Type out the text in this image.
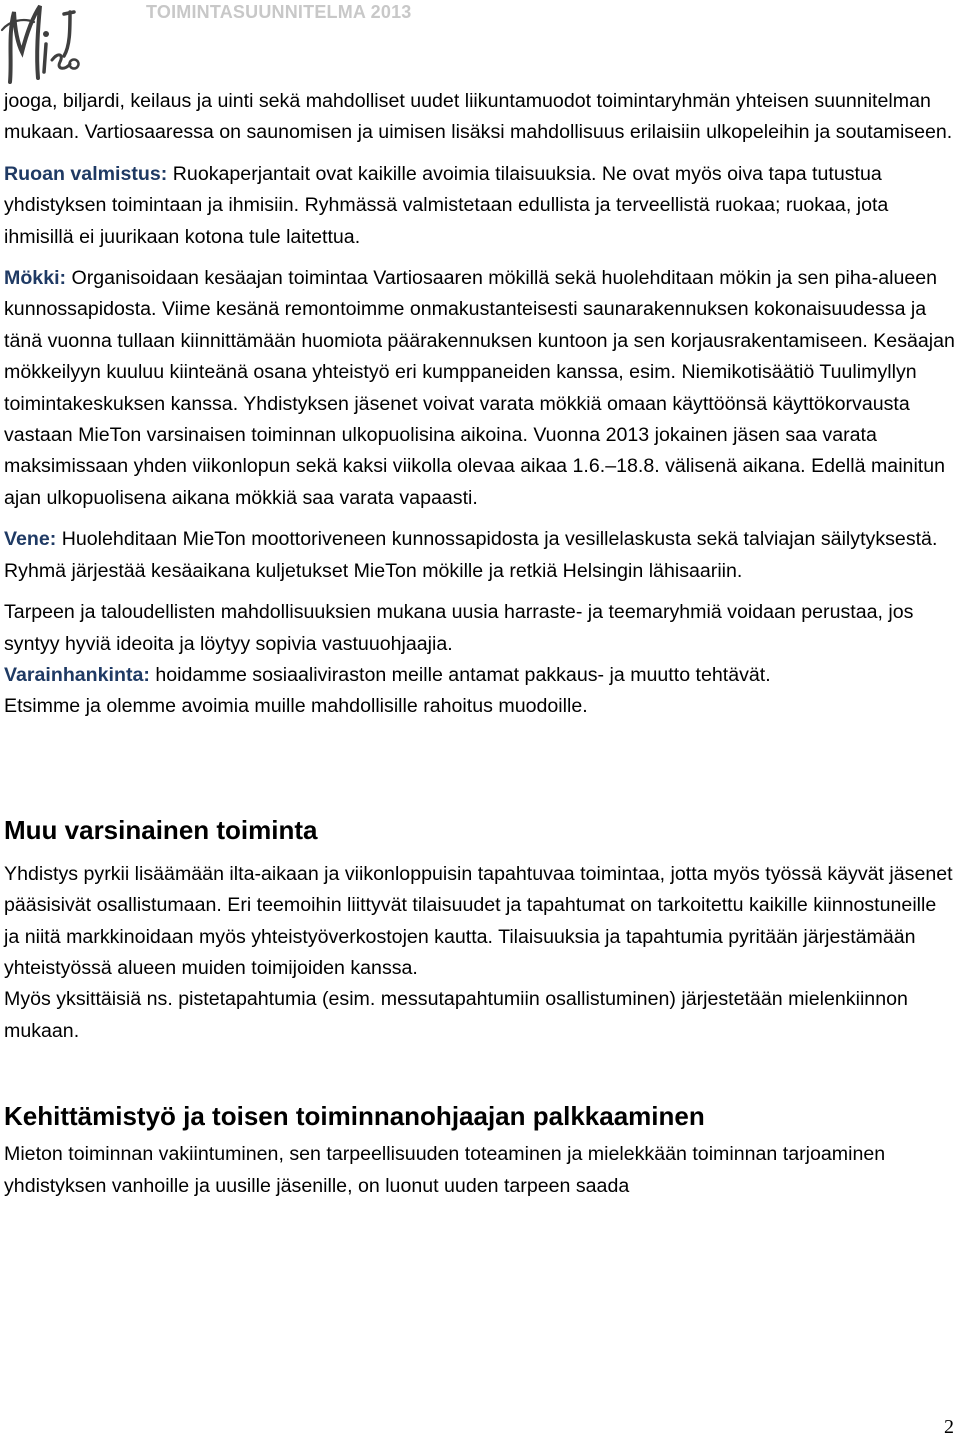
TOIMINTASUUNNITELMA 2013

jooga, biljardi, keilaus ja uinti sekä mahdolliset uudet liikuntamuodot toimintaryhmän yhteisen suunnitelman mukaan. Vartiosaaressa on saunomisen ja uimisen lisäksi mahdollisuus erilaisiin ulkopeleihin ja soutamiseen.

Ruoan valmistus: Ruokaperjantait ovat kaikille avoimia tilaisuuksia. Ne ovat myös oiva tapa tutustua yhdistyksen toimintaan ja ihmisiin. Ryhmässä valmistetaan edullista ja terveellistä ruokaa; ruokaa, jota ihmisillä ei juurikaan kotona tule laitettua.

Mökki: Organisoidaan kesäajan toimintaa Vartiosaaren mökillä sekä huolehditaan mökin ja sen piha-alueen kunnossapidosta. Viime kesänä remontoimme onmakustanteisesti saunarakennuksen kokonaisuudessa ja tänä vuonna tullaan kiinnittämään huomiota päärakennuksen kuntoon ja sen korjausrakentamiseen. Kesäajan mökkeilyyn kuuluu kiinteänä osana yhteistyö eri kumppaneiden kanssa, esim. Niemikotisäätiö Tuulimyllyn toimintakeskuksen kanssa. Yhdistyksen jäsenet voivat varata mökkiä omaan käyttöönsä käyttökorvausta vastaan MieTon varsinaisen toiminnan ulkopuolisina aikoina. Vuonna 2013 jokainen jäsen saa varata maksimissaan yhden viikonlopun sekä kaksi viikolla olevaa aikaa 1.6.–18.8. välisenä aikana. Edellä mainitun ajan ulkopuolisena aikana mökkiä saa varata vapaasti.

Vene: Huolehditaan MieTon moottoriveneen kunnossapidosta ja vesillelaskusta sekä talviajan säilytyksestä. Ryhmä järjestää kesäaikana kuljetukset MieTon mökille ja retkiä Helsingin lähisaariin.

Tarpeen ja taloudellisten mahdollisuuksien mukana uusia harraste- ja teemaryhmiä voidaan perustaa, jos syntyy hyviä ideoita ja löytyy sopivia vastuuohjaajia.

Varainhankinta: hoidamme sosiaaliviraston meille antamat pakkaus- ja muutto tehtävät.

Etsimme ja olemme avoimia muille mahdollisille rahoitus muodoille.

Muu varsinainen toiminta

Yhdistys pyrkii lisäämään ilta-aikaan ja viikonloppuisin tapahtuvaa toimintaa, jotta myös työssä käyvät jäsenet pääsisivät osallistumaan. Eri teemoihin liittyvät tilaisuudet ja tapahtumat on tarkoitettu kaikille kiinnostuneille ja niitä markkinoidaan myös yhteistyöverkostojen kautta. Tilaisuuksia ja tapahtumia pyritään järjestämään yhteistyössä alueen muiden toimijoiden kanssa.

Myös yksittäisiä ns. pistetapahtumia (esim. messutapahtumiin osallistuminen) järjestetään mielenkiinnon mukaan.

Kehittämistyö ja toisen toiminnanohjaajan palkkaaminen

Mieton toiminnan vakiintuminen, sen tarpeellisuuden toteaminen ja mielekkään toiminnan tarjoaminen yhdistyksen vanhoille ja uusille jäsenille, on luonut uuden tarpeen saada

2
